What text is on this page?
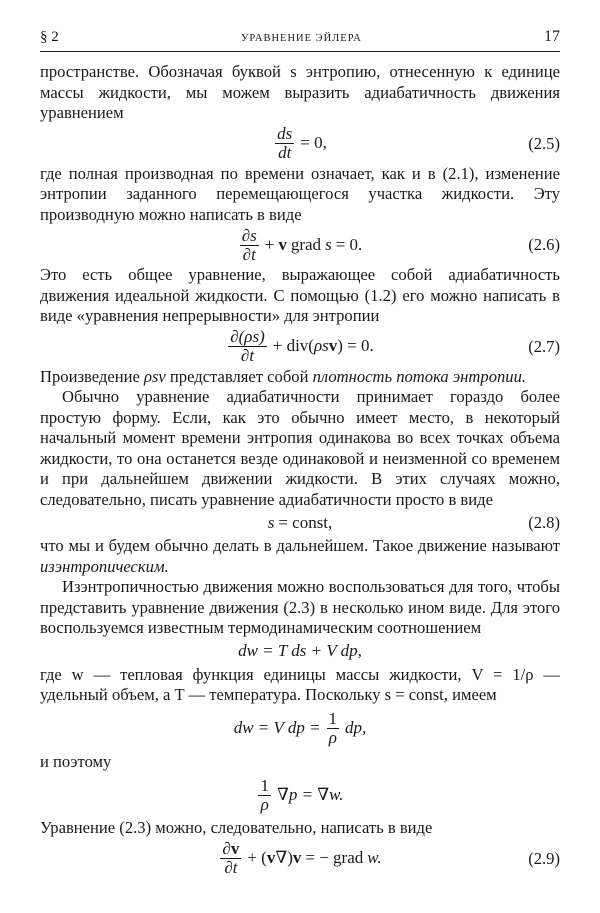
§ 2	УРАВНЕНИЕ ЭЙЛЕРА	17

пространстве. Обозначая буквой s энтропию, отнесенную к единице массы жидкости, мы можем выразить адиабатичность движения уравнением

$\frac{ds}{dt} = 0$,	(2.5)

где полная производная по времени означает, как и в (2.1), изменение энтропии заданного перемещающегося участка жидкости. Эту производную можно написать в виде

$\frac{\partial s}{\partial t} + v$ grad s = 0.	(2.6)

Это есть общее уравнение, выражающее собой адиабатичность движения идеальной жидкости. С помощью (1.2) его можно написать в виде «уравнения непрерывности» для энтропии

$\frac{\partial(\rho s)}{\partial t} + div$( ρs v ) = 0.	(2.7)

Произведение ρsv представляет собой плотность потока энтропии.

Обычно уравнение адиабатичности принимает гораздо более простую форму. Если, как это обычно имеет место, в некоторый начальный момент времени энтропия одинакова во всех точках объема жидкости, то она останется везде одинаковой и неизменной со временем и при дальнейшем движении жидкости. В этих случаях можно, следовательно, писать уравнение адиабатичности просто в виде

s = const,	(2.8)

что мы и будем обычно делать в дальнейшем. Такое движение называют изэнтропическим.

Изэнтропичностью движения можно воспользоваться для того, чтобы представить уравнение движения (2.3) в несколько ином виде. Для этого воспользуемся известным термодинамическим соотношением

dw = T ds + V dp,

где w — тепловая функция единицы массы жидкости, V = 1/ρ — удельный объем, а T — температура. Поскольку s = const, имеем

dw = V dp = $\frac{1}{\rho}$ dp,

и поэтому

$\frac{1}{\rho} \nabla p = \nabla w$.

Уравнение (2.3) можно, следовательно, написать в виде

$\frac{\partial v}{\partial t}$ + ( v ∇) v = − grad w.	(2.9)
